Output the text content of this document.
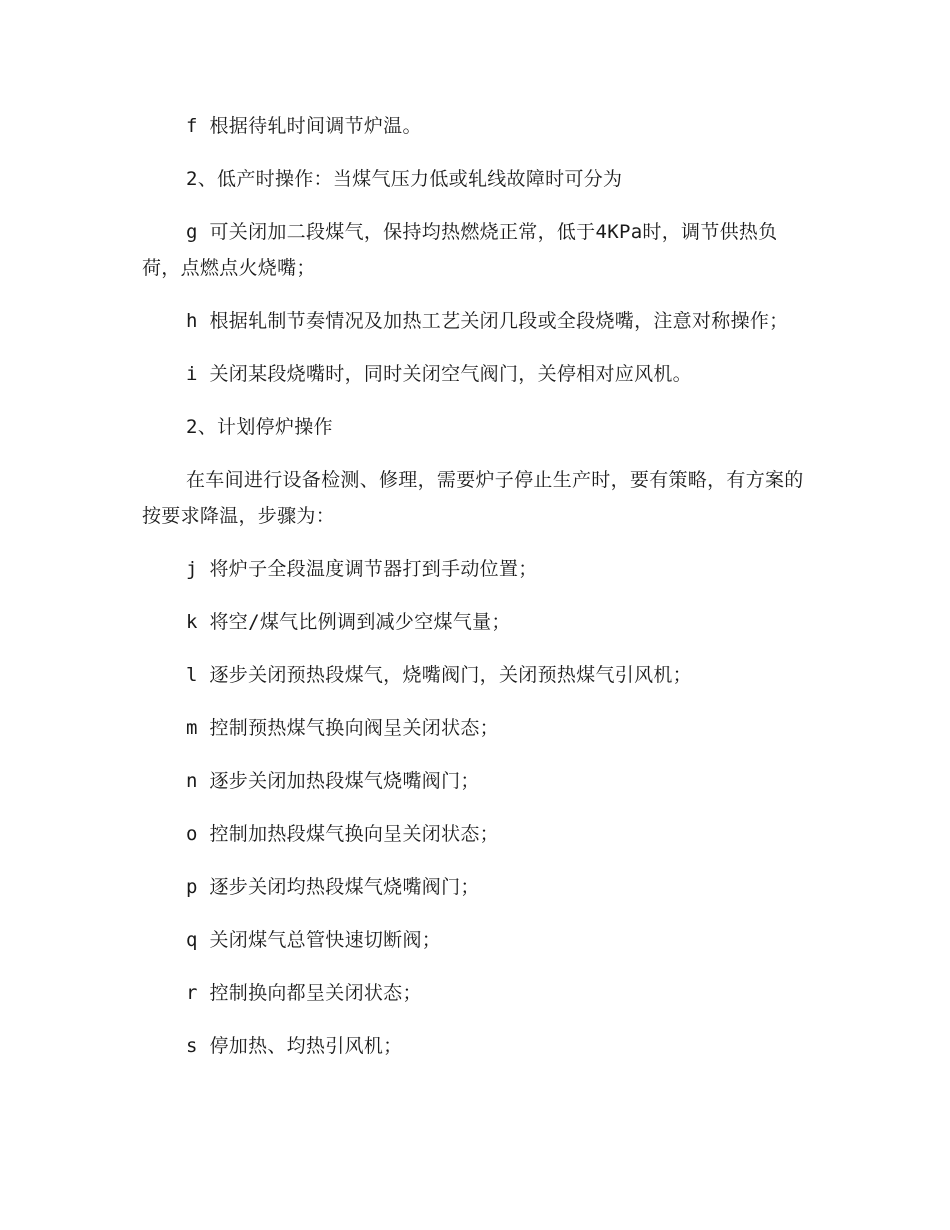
f 根据待轧时间调节炉温。

2、低产时操作：当煤气压力低或轧线故障时可分为

g 可关闭加二段煤气，保持均热燃烧正常，低于4KPa时，调节供热负荷，点燃点火烧嘴；

h 根据轧制节奏情况及加热工艺关闭几段或全段烧嘴，注意对称操作；

i 关闭某段烧嘴时，同时关闭空气阀门，关停相对应风机。

2、计划停炉操作

在车间进行设备检测、修理，需要炉子停止生产时，要有策略，有方案的按要求降温，步骤为：

j 将炉子全段温度调节器打到手动位置；

k 将空/煤气比例调到减少空煤气量；

l 逐步关闭预热段煤气，烧嘴阀门，关闭预热煤气引风机；

m 控制预热煤气换向阀呈关闭状态；

n 逐步关闭加热段煤气烧嘴阀门；

o 控制加热段煤气换向呈关闭状态；

p 逐步关闭均热段煤气烧嘴阀门；

q 关闭煤气总管快速切断阀；

r 控制换向都呈关闭状态；

s 停加热、均热引风机；
